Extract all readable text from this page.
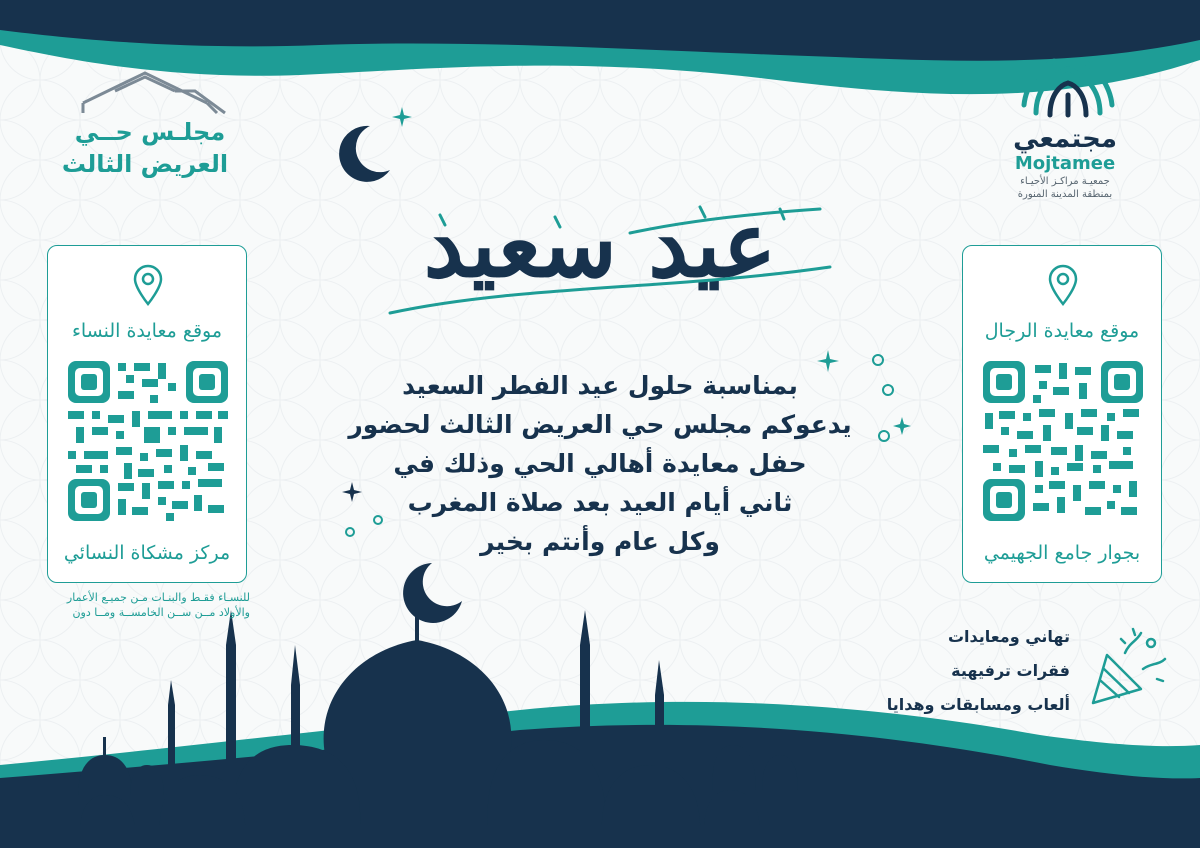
مجلـس حــي
العريض الثالث
مجتمعي
Mojtamee
جمعيـة مراكـز الأحيـاء
بمنطقة المدينة المنورة
عيد سعيد
بمناسبة حلول عيد الفطر السعيد
يدعوكم مجلس حي العريض الثالث لحضور
حفل معايدة أهالي الحي وذلك في
ثاني أيام العيد بعد صلاة المغرب
وكل عام وأنتم بخير
موقع معايدة النساء
مركز مشكاة النسائي
للنسـاء فقـط والبنـات مـن جميـع الأعمار
والأولاد مــن ســن الخامســة ومــا دون
موقع معايدة الرجال
بجوار جامع الجهيمي
تهاني ومعايدات
فقرات ترفيهية
ألعاب ومسابقات وهدايا
